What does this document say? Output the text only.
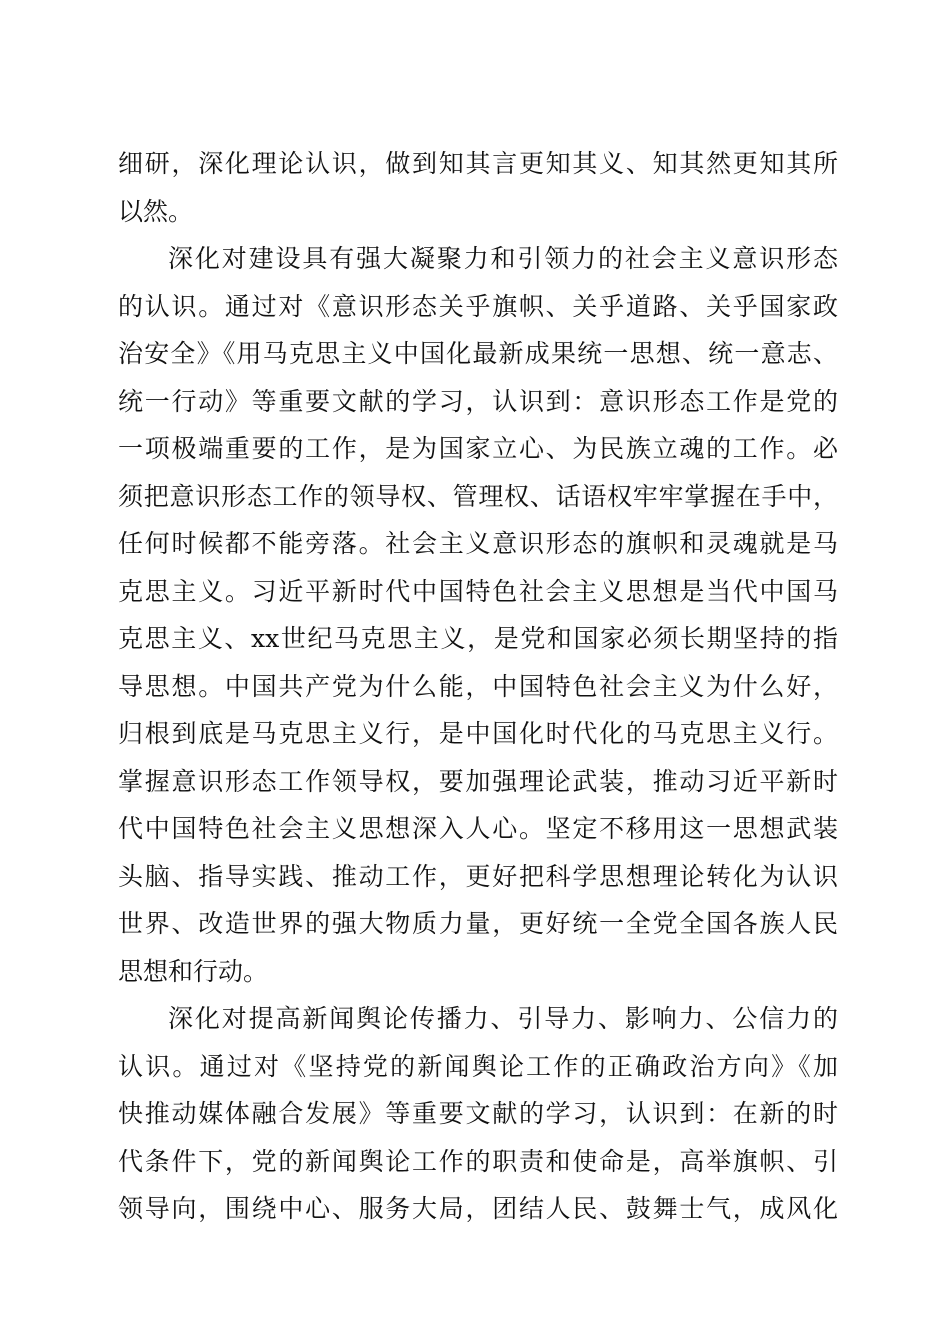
细研，深化理论认识，做到知其言更知其义、知其然更知其所
以然。
深化对建设具有强大凝聚力和引领力的社会主义意识形态
的认识。通过对《意识形态关乎旗帜、关乎道路、关乎国家政
治安全》《用马克思主义中国化最新成果统一思想、统一意志、
统一行动》等重要文献的学习，认识到：意识形态工作是党的
一项极端重要的工作，是为国家立心、为民族立魂的工作。必
须把意识形态工作的领导权、管理权、话语权牢牢掌握在手中，
任何时候都不能旁落。社会主义意识形态的旗帜和灵魂就是马
克思主义。习近平新时代中国特色社会主义思想是当代中国马
克思主义、xx世纪马克思主义，是党和国家必须长期坚持的指
导思想。中国共产党为什么能，中国特色社会主义为什么好，
归根到底是马克思主义行，是中国化时代化的马克思主义行。
掌握意识形态工作领导权，要加强理论武装，推动习近平新时
代中国特色社会主义思想深入人心。坚定不移用这一思想武装
头脑、指导实践、推动工作，更好把科学思想理论转化为认识
世界、改造世界的强大物质力量，更好统一全党全国各族人民
思想和行动。
深化对提高新闻舆论传播力、引导力、影响力、公信力的
认识。通过对《坚持党的新闻舆论工作的正确政治方向》《加
快推动媒体融合发展》等重要文献的学习，认识到：在新的时
代条件下，党的新闻舆论工作的职责和使命是，高举旗帜、引
领导向，围绕中心、服务大局，团结人民、鼓舞士气，成风化
